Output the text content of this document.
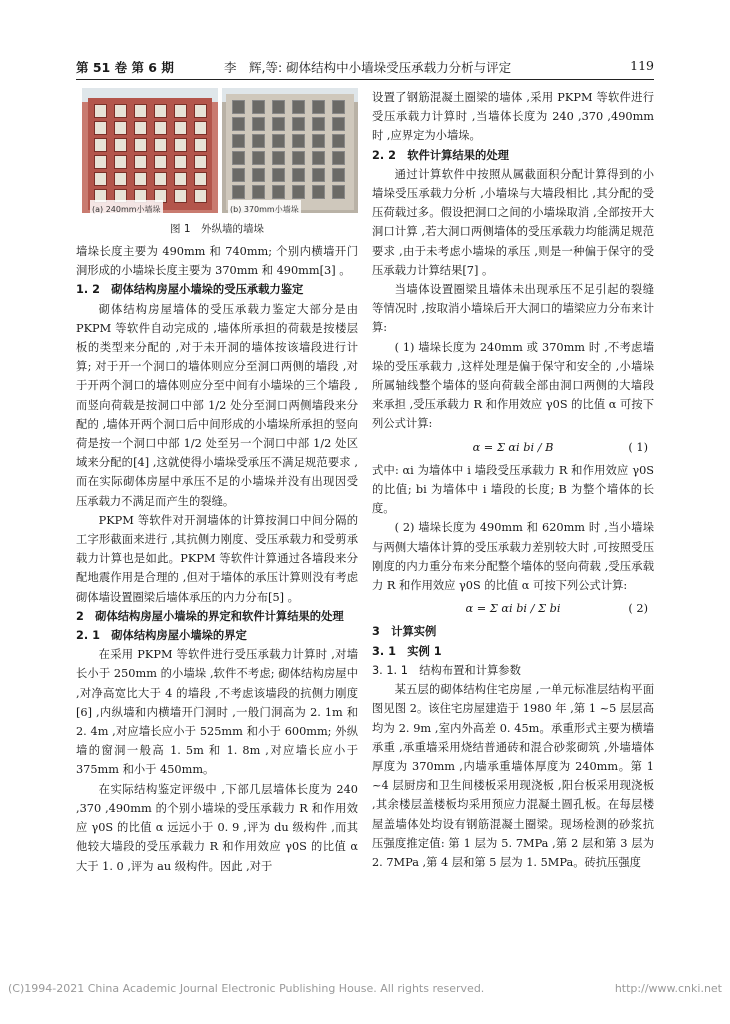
第 51 卷 第 6 期	李　辉,等: 砌体结构中小墙垛受压承载力分析与评定	119
(a) 240mm小墙垛	(b) 370mm小墙垛
图 1　外纵墙的墙垛

墙垛长度主要为 490mm 和 740mm; 个别内横墙开门洞形成的小墙垛长度主要为 370mm 和 490mm[3] 。

1. 2　砌体结构房屋小墙垛的受压承载力鉴定

砌体结构房屋墙体的受压承载力鉴定大部分是由 PKPM 等软件自动完成的 ,墙体所承担的荷载是按楼层板的类型来分配的 ,对于未开洞的墙体按该墙段进行计算; 对于开一个洞口的墙体则应分至洞口两侧的墙段 ,对于开两个洞口的墙体则应分至中间有小墙垛的三个墙段 ,而竖向荷载是按洞口中部 1/2 处分至洞口两侧墙段来分配的 ,墙体开两个洞口后中间形成的小墙垛所承担的竖向荷是按一个洞口中部 1/2 处至另一个洞口中部 1/2 处区域来分配的[4] ,这就使得小墙垛受承压不满足规范要求 ,而在实际砌体房屋中承压不足的小墙垛并没有出现因受压承载力不满足而产生的裂缝。

PKPM 等软件对开洞墙体的计算按洞口中间分隔的工字形截面来进行 ,其抗侧力刚度、受压承载力和受剪承载力计算也是如此。PKPM 等软件计算通过各墙段来分配地震作用是合理的 ,但对于墙体的承压计算则没有考虑砌体墙设置圈梁后墙体承压的内力分布[5] 。

2　砌体结构房屋小墙垛的界定和软件计算结果的处理

2. 1　砌体结构房屋小墙垛的界定

在采用 PKPM 等软件进行受压承载力计算时 ,对墙长小于 250mm 的小墙垛 ,软件不考虑; 砌体结构房屋中 ,对净高宽比大于 4 的墙段 ,不考虑该墙段的抗侧力刚度[6] ,内纵墙和内横墙开门洞时 ,一般门洞高为 2. 1m 和 2. 4m ,对应墙长应小于 525mm 和小于 600mm; 外纵墙的窗洞一般高 1. 5m 和 1. 8m ,对应墙长应小于 375mm 和小于 450mm。

在实际结构鉴定评级中 ,下部几层墙体长度为 240 ,370 ,490mm 的个别小墙垛的受压承载力 R 和作用效应 γ0S 的比值 α 远远小于 0. 9 ,评为 du 级构件 ,而其他较大墙段的受压承载力 R 和作用效应 γ0S 的比值 α 大于 1. 0 ,评为 au 级构件。因此 ,对于

设置了钢筋混凝土圈梁的墙体 ,采用 PKPM 等软件进行受压承载力计算时 ,当墙体长度为 240 ,370 ,490mm 时 ,应界定为小墙垛。

2. 2　软件计算结果的处理

通过计算软件中按照从属截面积分配计算得到的小墙垛受压承载力分析 ,小墙垛与大墙段相比 ,其分配的受压荷载过多。假设把洞口之间的小墙垛取消 ,全部按开大洞口计算 ,若大洞口两侧墙体的受压承载力均能满足规范要求 ,由于未考虑小墙垛的承压 ,则是一种偏于保守的受压承载力计算结果[7] 。

当墙体设置圈梁且墙体未出现承压不足引起的裂缝等情况时 ,按取消小墙垛后开大洞口的墙梁应力分布来计算:

( 1) 墙垛长度为 240mm 或 370mm 时 ,不考虑墙垛的受压承载力 ,这样处理是偏于保守和安全的 ,小墙垛所属轴线整个墙体的竖向荷载全部由洞口两侧的大墙段来承担 ,受压承载力 R 和作用效应 γ0S 的比值 α 可按下列公式计算:

α = Σ αi bi / B	( 1)

式中: αi 为墙体中 i 墙段受压承载力 R 和作用效应 γ0S 的比值; bi 为墙体中 i 墙段的长度; B 为整个墙体的长度。

( 2) 墙垛长度为 490mm 和 620mm 时 ,当小墙垛与两侧大墙体计算的受压承载力差别较大时 ,可按照受压刚度的内力重分布来分配整个墙体的竖向荷载 ,受压承载力 R 和作用效应 γ0S 的比值 α 可按下列公式计算:

α = Σ αi bi / Σ bi	( 2)

3　计算实例

3. 1　实例 1

3. 1. 1　结构布置和计算参数

某五层的砌体结构住宅房屋 ,一单元标准层结构平面图见图 2。该住宅房屋建造于 1980 年 ,第 1 ~5 层层高均为 2. 9m ,室内外高差 0. 45m。承重形式主要为横墙承重 ,承重墙采用烧结普通砖和混合砂浆砌筑 ,外墙墙体厚度为 370mm ,内墙承重墙体厚度为 240mm。第 1 ~4 层厨房和卫生间楼板采用现浇板 ,阳台板采用现浇板 ,其余楼层盖楼板均采用预应力混凝土圆孔板。在每层楼屋盖墙体处均设有钢筋混凝土圈梁。现场检测的砂浆抗压强度推定值: 第 1 层为 5. 7MPa ,第 2 层和第 3 层为 2. 7MPa ,第 4 层和第 5 层为 1. 5MPa。砖抗压强度

(C)1994-2021 China Academic Journal Electronic Publishing House. All rights reserved.	http://www.cnki.net
